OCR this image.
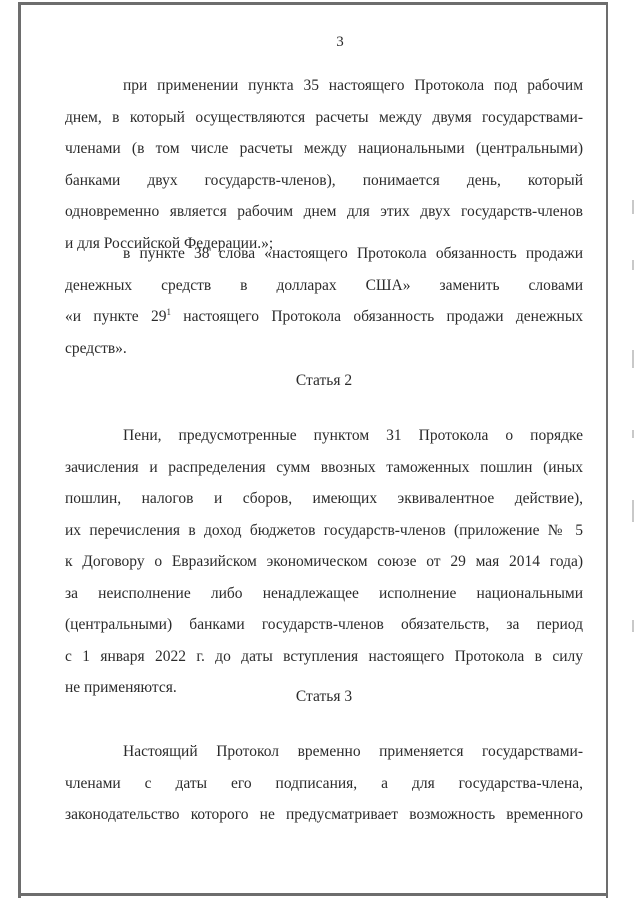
3
при применении пункта 35 настоящего Протокола под рабочим
днем, в который осуществляются расчеты между двумя государствами-
членами (в том числе расчеты между национальными (центральными)
банками двух государств-членов), понимается день, который
одновременно является рабочим днем для этих двух государств-членов
и для Российской Федерации.»;
в пункте 38 слова «настоящего Протокола обязанность продажи
денежных средств в долларах США» заменить словами
«и пункте $29^1$ настоящего Протокола обязанность продажи денежных
средств».
Статья 2
Пени, предусмотренные пунктом 31 Протокола о порядке
зачисления и распределения сумм ввозных таможенных пошлин (иных
пошлин, налогов и сборов, имеющих эквивалентное действие),
их перечисления в доход бюджетов государств-членов (приложение № 5
к Договору о Евразийском экономическом союзе от 29 мая 2014 года)
за неисполнение либо ненадлежащее исполнение национальными
(центральными) банками государств-членов обязательств, за период
с 1 января 2022 г. до даты вступления настоящего Протокола в силу
не применяются.
Статья 3
Настоящий Протокол временно применяется государствами-
членами с даты его подписания, а для государства-члена,
законодательство которого не предусматривает возможность временного
